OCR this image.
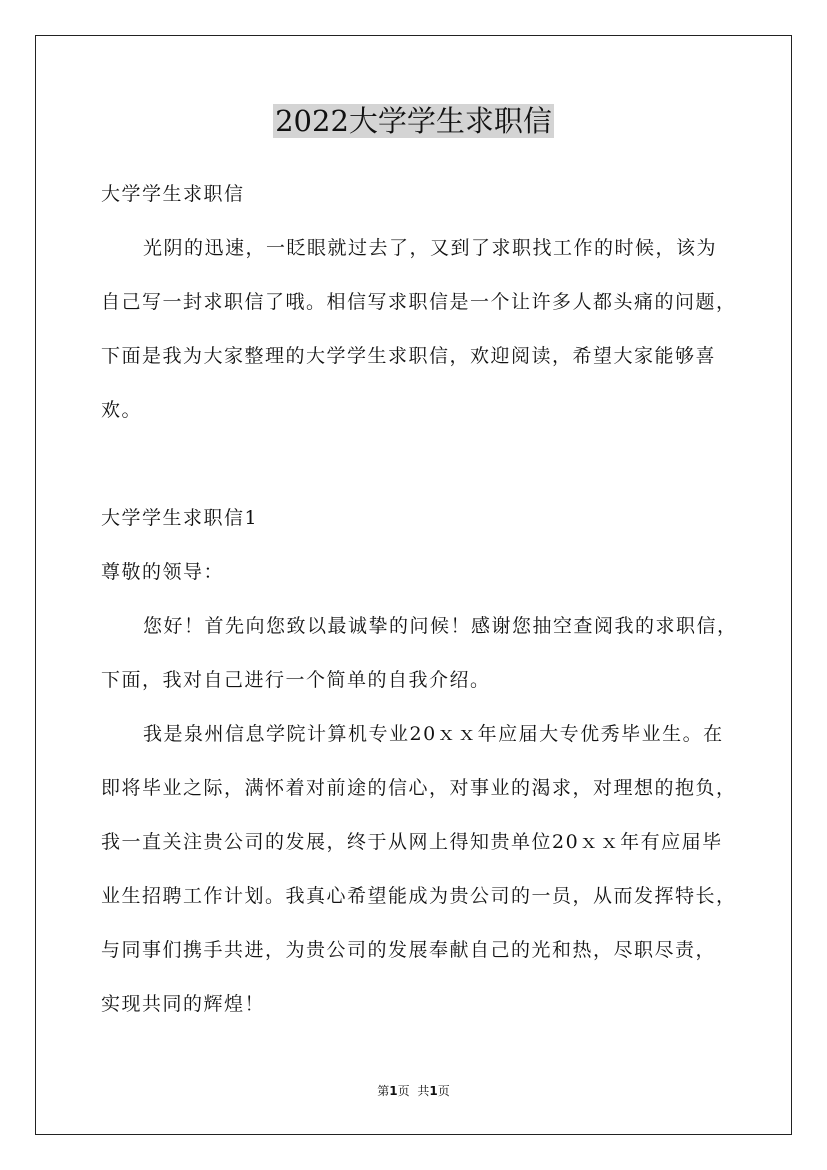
2022大学学生求职信
大学学生求职信
光阴的迅速，一眨眼就过去了，又到了求职找工作的时候，该为
自己写一封求职信了哦。相信写求职信是一个让许多人都头痛的问题，
下面是我为大家整理的大学学生求职信，欢迎阅读，希望大家能够喜
欢。
大学学生求职信1
尊敬的领导：
您好！首先向您致以最诚挚的问候！感谢您抽空查阅我的求职信，
下面，我对自己进行一个简单的自我介绍。
我是泉州信息学院计算机专业20ｘｘ年应届大专优秀毕业生。在
即将毕业之际，满怀着对前途的信心，对事业的渴求，对理想的抱负，
我一直关注贵公司的发展，终于从网上得知贵单位20ｘｘ年有应届毕
业生招聘工作计划。我真心希望能成为贵公司的一员，从而发挥特长，
与同事们携手共进，为贵公司的发展奉献自己的光和热，尽职尽责，
实现共同的辉煌！
第1页 共1页
